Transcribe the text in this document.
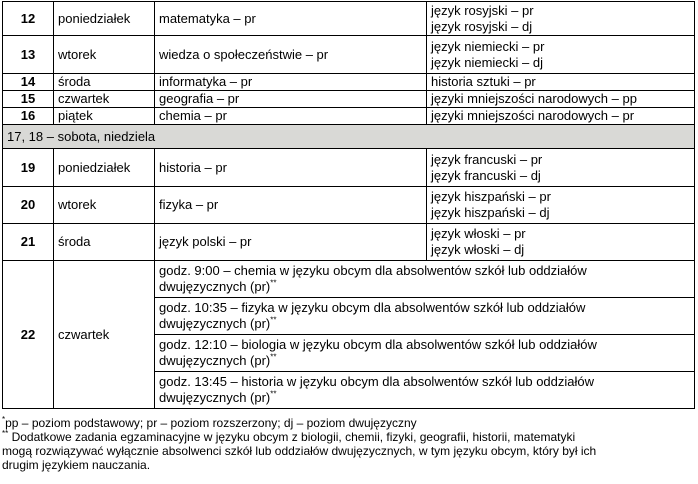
12	poniedziałek	matematyka – pr	język rosyjski – pr
język rosyjski – dj

13	wtorek	wiedza o społeczeństwie – pr	język niemiecki – pr
język niemiecki – dj

14	środa	informatyka – pr	historia sztuki – pr
15	czwartek	geografia – pr	języki mniejszości narodowych – pp
16	piątek	chemia – pr	języki mniejszości narodowych – pr
17, 18 – sobota, niedziela			
19	poniedziałek	historia – pr	język francuski – pr
język francuski – dj

20	wtorek	fizyka – pr	język hiszpański – pr
język hiszpański – dj

21	środa	język polski – pr	język włoski – pr
język włoski – dj

22	czwartek	godz. 9:00 – chemia w języku obcym dla absolwentów szkół lub oddziałów
dwujęzycznych (pr)**

		godz. 10:35 – fizyka w języku obcym dla absolwentów szkół lub oddziałów
dwujęzycznych (pr)**

		godz. 12:10 – biologia w języku obcym dla absolwentów szkół lub oddziałów
dwujęzycznych (pr)**

		godz. 13:45 – historia w języku obcym dla absolwentów szkół lub oddziałów
dwujęzycznych (pr)**
*pp – poziom podstawowy; pr – poziom rozszerzony; dj – poziom dwujęzyczny
** Dodatkowe zadania egzaminacyjne w języku obcym z biologii, chemii, fizyki, geografii, historii, matematyki
mogą rozwiązywać wyłącznie absolwenci szkół lub oddziałów dwujęzycznych, w tym języku obcym, który był ich
drugim językiem nauczania.
